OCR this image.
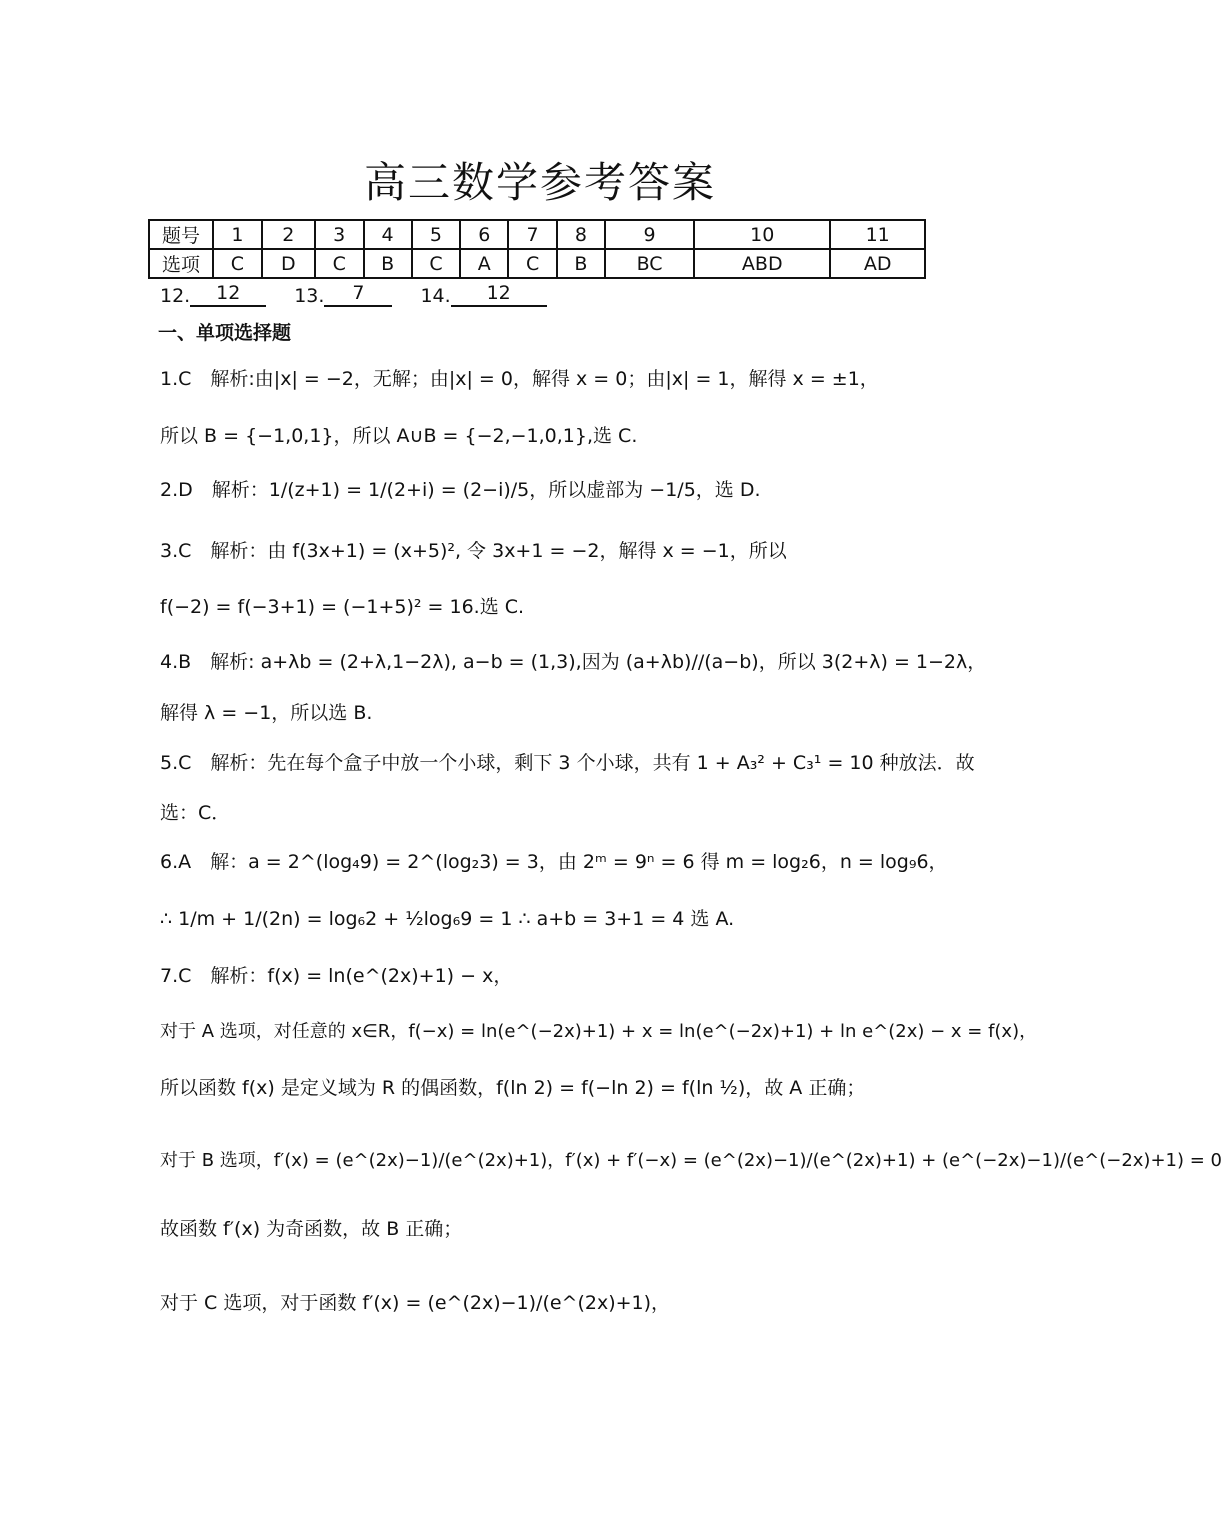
高三数学参考答案
题号	1	2	3	4	5	6	7	8	9	10	11
选项	C	D	C	B	C	A	C	B	BC	ABD	AD
12.	12	13.	7	14.	12
一、单项选择题
1.C　解析:由|x| = −2，无解；由|x| = 0，解得 x = 0；由|x| = 1，解得 x = ±1，
所以 B = {−1,0,1}，所以 A∪B = {−2,−1,0,1},选 C.
2.D　解析：1/(z+1) = 1/(2+i) = (2−i)/5，所以虚部为 −1/5，选 D.
3.C　解析：由 f(3x+1) = (x+5)², 令 3x+1 = −2，解得 x = −1，所以
f(−2) = f(−3+1) = (−1+5)² = 16.选 C.
4.B　解析: a+λb = (2+λ,1−2λ), a−b = (1,3),因为 (a+λb)//(a−b)，所以 3(2+λ) = 1−2λ，
解得 λ = −1，所以选 B.
5.C　解析：先在每个盒子中放一个小球，剩下 3 个小球，共有 1 + A₃² + C₃¹ = 10 种放法．故
选：C．
6.A　解：a = 2^(log₄9) = 2^(log₂3) = 3，由 2ᵐ = 9ⁿ = 6 得 m = log₂6，n = log₉6，
∴ 1/m + 1/(2n) = log₆2 + ½log₆9 = 1 ∴ a+b = 3+1 = 4 选 A.
7.C　解析：f(x) = ln(e^(2x)+1) − x，
对于 A 选项，对任意的 x∈R，f(−x) = ln(e^(−2x)+1) + x = ln(e^(−2x)+1) + ln e^(2x) − x = f(x)，
所以函数 f(x) 是定义域为 R 的偶函数，f(ln 2) = f(−ln 2) = f(ln ½)，故 A 正确；
对于 B 选项，f′(x) = (e^(2x)−1)/(e^(2x)+1)，f′(x) + f′(−x) = (e^(2x)−1)/(e^(2x)+1) + (e^(−2x)−1)/(e^(−2x)+1) = 0
故函数 f′(x) 为奇函数，故 B 正确；
对于 C 选项，对于函数 f′(x) = (e^(2x)−1)/(e^(2x)+1)，
